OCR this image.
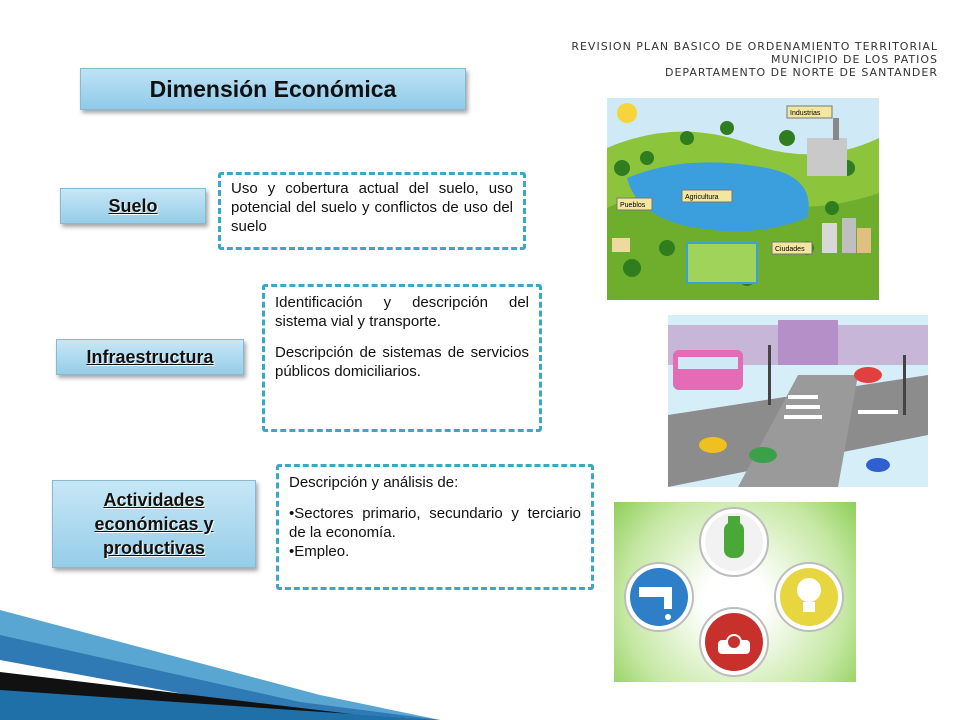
REVISION PLAN BASICO DE ORDENAMIENTO TERRITORIAL
MUNICIPIO DE LOS PATIOS
DEPARTAMENTO DE NORTE DE SANTANDER
Dimensión Económica
Suelo

Uso y cobertura actual del suelo, uso potencial del suelo y conflictos de uso del suelo

Infraestructura

Identificación y descripción del sistema vial y transporte.

Descripción de sistemas de servicios públicos domiciliarios.

Actividades económicas y productivas

Descripción y análisis de:

•Sectores primario, secundario y terciario de la economía.

•Empleo.

Industrias
Agricultura
Pueblos
Ciudades
